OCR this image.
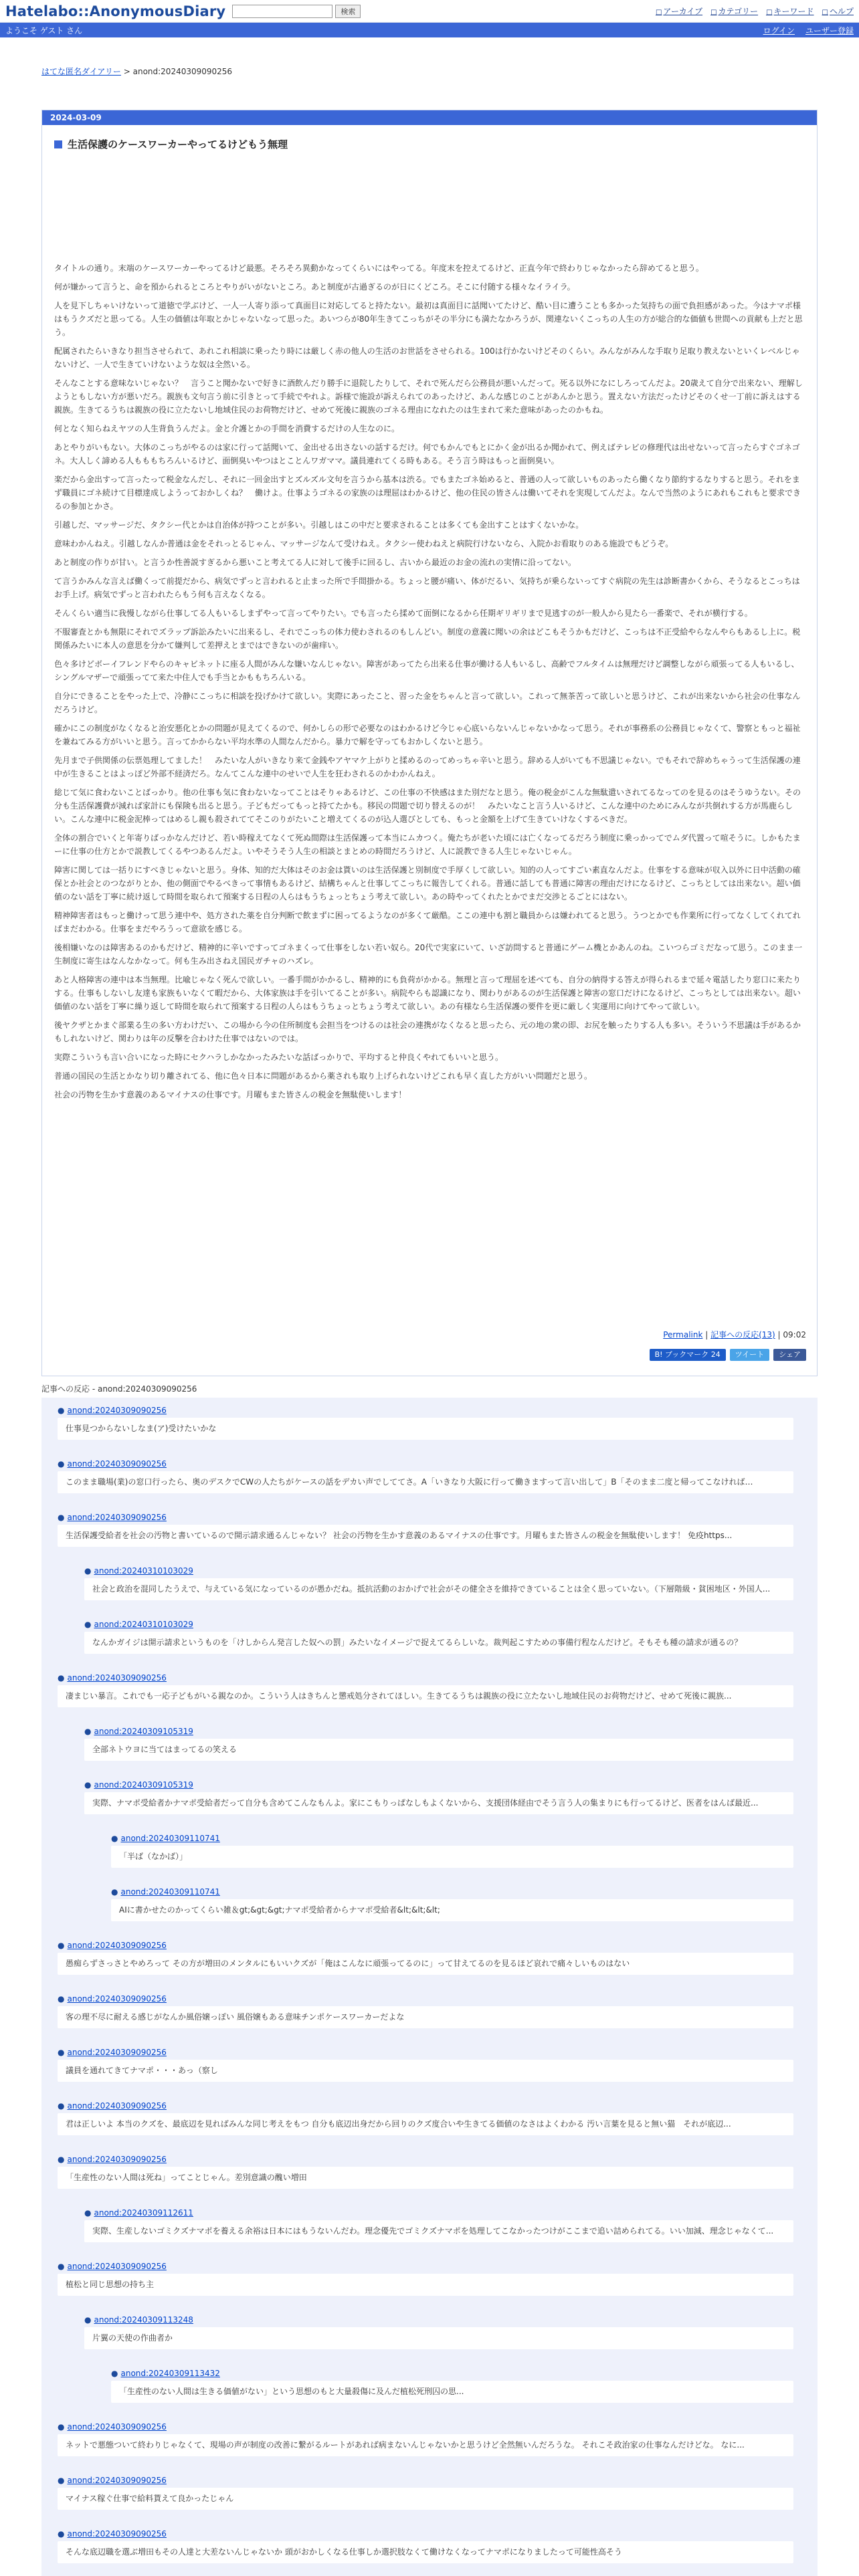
Hatelabo::AnonymousDiary	検索	□ アーカイブ	□ カテゴリー	□ キーワード	□ ヘルプ
ようこそ ゲスト さん	ログイン ユーザー登録
はてな匿名ダイアリー > anond:20240309090256
2024-03-09
生活保護のケースワーカーやってるけどもう無理

タイトルの通り。末端のケースワーカーやってるけど最悪。そろそろ異動かなってくらいにはやってる。年度末を控えてるけど、正直今年で終わりじゃなかったら辞めてると思う。

何が嫌かって言うと、命を預かられるところとやりがいがないところ。あと制度が古過ぎるのが日にくどころ。そこに付随する様々なイライラ。

人を見下しちゃいけないって道徳で学ぶけど、一人一人寄り添って真面目に対応してると持たない。最初は真面目に話聞いてたけど、酷い目に遭うことも多かった気持ちの面で負担感があった。今はナマポ様はもうクズだと思ってる。人生の価値は年取とかじゃないなって思った。あいつらが80年生きてこっちがその半分にも満たなかろうが、関連ないくこっちの人生の方が総合的な価値も世間への貢献も上だと思う。

配属されたらいきなり担当させられて、あれこれ相談に乗ったり時には厳しく赤の他人の生活のお世話をさせられる。100は行かないけどそのくらい。みんながみんな手取り足取り教えないといくレベルじゃないけど、一人で生きていけないような奴は全然いる。

そんなことする意味ないじゃない？　言うこと聞かないで好きに酒飲んだり勝手に退院したりして、それで死んだら公務員が悪いんだって。死る以外になにしろってんだよ。20歳えて自分で出来ない、理解しようともしない方が悪いだろ。親族も文句言う前に引きとって手続でやれよ。訴様で施設が訴えられてのあったけど、あんな感じのことがあんかと思う。置えない方法だったけどそのくせ一丁前に訴えはする親族。生きてるうちは親族の役に立たないし地域住民のお荷物だけど、せめて死後に親族のゴネる理由になれたのは生まれて来た意味があったのかもね。

何となく知らねえヤツの人生背負うんだよ。金と介護とかの手間を消費するだけの人生なのに。

あとやりがいもない。大体のこっちがやるのは家に行って話聞いて、金出せる出さないの話するだけ。何でもかんでもとにかく金が出るか聞かれて、例えばテレビの修理代は出せないって言ったらすぐゴネゴネ。大人しく諦める人もももちろんいるけど、面倒臭いやつはとことんワガママ。議員連れてくる時もある。そう言う時はもっと面倒臭い。

楽だから金出すって言ったって税金なんだし、それに一回金出すとズルズル文句を言うから基本は渋る。でもまたゴネ始めると、普通の人って欲しいものあったら働くなり節約するなりすると思う。それをまず職員にゴネ続けて目標達成しようっておかしくね？　働けよ。仕事ようゴネるの家族のは理屈はわかるけど、他の住民の皆さんは働いてそれを実現してんだよ。なんで当然のようにあれもこれもと要求できるの参加とかさ。

引越しだ、マッサージだ、タクシー代とかは自治体が持つことが多い。引越しはこの中だと要求されることは多くても金出すことはすくないかな。

意味わかんねえ。引越しなんか普通は金をそれっとるじゃん、マッサージなんて受けねえ。タクシー使わねえと病院行けないなら、入院かお看取りのある施設でもどうぞ。

あと制度の作りが甘い。と言うか性善説すぎるから悪いこと考えてる人に対して後手に回るし、古いから最近のお金の流れの実情に沿ってない。

て言うかみんな言えば働くって前提だから、病気でずっと言われると止まった所で手間掛かる。ちょっと腰が痛い、体がだるい、気持ちが乗らないってすぐ病院の先生は診断書かくから、そうなるとこっちはお手上げ。病気でずっと言われたらもう何も言えなくなる。

そんくらい適当に我慢しながら仕事してる人もいるしまずやって言ってやりたい。でも言ったら揉めて面倒になるから任期ギリギリまで見逃すのが一般人から見たら一番楽で、それが横行する。

不服審査とかも無限にそれでズラップ訴訟みたいに出来るし、それでこっちの体力使わされるのもしんどい。制度の意義に聞いの余はどこもそうかもだけど、こっちは不正受給やらなんやらもあるし上に。税関係みたいに本人の意思を分かて嫌判して差押えとまではできないのが歯痒い。

色々多けどボーイフレンドやらのキャビネットに座る人間がみんな嫌いなんじゃない。障害があってたら出来る仕事が働ける人もいるし、高齢でフルタイムは無理だけど調整しながら頑張ってる人もいるし、シングルマザーで頑張ってて来た中住人でも手当とかももちろんいる。

自分にできることをやった上で、冷静にこっちに相談を投げかけて欲しい。実際にあったこと、習った金をちゃんと言って欲しい。これって無茶苦って欲しいと思うけど、これが出来ないから社会の仕事なんだろうけど。

確かにこの制度がなくなると治安悪化とかの問題が見えてくるので、何かしらの形で必要なのはわかるけど今じゃ心底いらないんじゃないかなって思う。それが事務系の公務員じゃなくて、警察ともっと福祉を兼ねてみる方がいいと思う。言ってかからない平均水準の人間なんだから。暴力で解を守ってもおかしくないと思う。

先月まで子供関係の伝票処理してました！　みたいな人がいきなり来て金銭やアヤマケ上がりと揉めるのってめっちゃ辛いと思う。辞める人がいても不思議じゃない。でもそれで辞めちゃうって生活保護の連中が生きることはよっぽど外部不経済だろ。なんてこんな連中のせいで人生を狂わされるのかわかんねえ。

総じて気に食わないことばっかり。他の仕事も気に食わないなってことはそりゃあるけど、この仕事の不快感はまた別だなと思う。俺の税金がこんな無駄遣いされてるなってのを見るのはそうゆうない。その分も生活保護費が減れば家計にも保険も出ると思う。子どもだってもっと持てたかも。移民の問題で切り替えるのが！　みたいなこと言う人いるけど、こんな連中のためにみんなが共倒れする方が馬鹿らしい。こんな連中に税金泥棒ってはめるし親も殺されててそこのりがたいこと増えてくるのが込人選びとしても、もっと金額を上げて生きていけなくするべきだ。

全体の割合でいくと年寄りばっかなんだけど、若い時稼えてなくて死ぬ間際は生活保護って本当にムカつく。俺たちが老いた頃には亡くなってるだろう制度に乗っかってでムダ代置って喧そうに。しかもたまーに仕事の仕方とかで説教してくるやつあるんだよ。いやそうそう人生の相談とまとめの時間だろうけど、人に説教できる人生じゃないじゃん。

障害に関しては一括りにすべきじゃないと思う。身体、知的だ大体はそのお金は貰いのは生活保護と別制度で手厚くして欲しい。知的の人ってすごい素直なんだよ。仕事をする意味が収入以外に日中活動の確保とか社会とのつながりとか、他の側面でやるべきって事情もあるけど、結構ちゃんと仕事してこっちに報告してくれる。普通に話しても普通に障害の理由だけになるけど、こっちとしては出来ない。超い価値のない話を丁寧に続け返して時間を取られて預案する日程の人らはもうちょっとちょう考えて欲しい。あの時やってくれたとかでまだ交渉とるごとにはない。

精神障害者はもっと働けって思う連中や、処方された薬を自分判断で飲まずに困ってるようなのが多くて厳酷。ここの連中も割と職員からは嫌われてると思う。うつとかでも作業所に行ってなくしてくれてればまだわかる。仕事をまだやろうって意欲を感じる。

後相嫌いなのは障害あるのかもだけど、精神的に辛いですってゴネまくって仕事をしない若い奴ら。20代で実家にいて、いざ訪問すると普通にゲーム機とかあんのね。こいつらゴミだなって思う。このまま一生制度に寄生はなんなかなって。何も生み出さねえ国民ガチャのハズレ。

あと人格障害の連中は本当無理。比喩じゃなく死んで欲しい。一番手間がかかるし、精神的にも負荷がかかる。無理と言って理屈を述べても、自分の納得する答えが得られるまで延々電話したり窓口に来たりする。仕事もしないし友達も家族もいなくて暇だから、大体家族は手を引いてることが多い。病院やらも認識になり、関わりがあるのが生活保護と障害の窓口だけになるけど、こっちとしては出来ない。超い価値のない話を丁寧に繰り返して時間を取られて預案する日程の人らはもうちょっとちょう考えて欲しい。あの有様なら生活保護の要件を更に厳しく実運用に向けてやって欲しい。

後ヤクザとかまぐ部業る生の多い方わけだい、この場から今の住所制度も会担当をつけるのは社会の連携がなくなると思ったら、元の地の衆の即、お尻を触ったりする人も多い。そういう不思議は手があるかもしれないけど、関わりは年の反撃を合わけた仕事ではないのでは。

実際こういうも言い合いになった時にセクハラしかなかったみたいな話ばっかりで、平均すると仲良くやれてもいいと思う。

普通の国民の生活とかなり切り離されてる、他に色々日本に問題があるから薬されも取り上げられないけどこれも早く直した方がいい問題だと思う。

社会の汚物を生かす意義のあるマイナスの仕事です。月曜もまた皆さんの税金を無駄使いします！

Permalink | 記事への反応(13) | 09:02
B! ブックマーク 24	ツイート	シェア
記事への反応 - anond:20240309090256
● anond:20240309090256
仕事見つからないしなま(ア)受けたいかな
● anond:20240309090256
このまま職場(業)の窓口行ったら、奥のデスクでCWの人たちがケースの話をデカい声でしててさ。A「いきなり大阪に行って働きますって言い出して」B「そのまま二度と帰ってこなければ…
● anond:20240309090256
生活保護受給者を社会の汚物と書いているので開示請求通るんじゃない？ 社会の汚物を生かす意義のあるマイナスの仕事です。月曜もまた皆さんの税金を無駄使いします！ 免疫https...
● anond:20240310103029
社会と政治を混同したうえで、与えている気になっているのが愚かだね。抵抗活動のおかげで社会がその健全さを維持できていることは全く思っていない。（下層階級・貧困地区・外国人...
● anond:20240310103029
なんかガイジは開示請求というものを「けしからん発言した奴への罰」みたいなイメージで捉えてるらしいな。裁判起こすための事備行程なんだけど。そもそも種の請求が通るの？
● anond:20240309090256
凄まじい暴言。これでも一応子どもがいる親なのか。こういう人はきちんと懲戒処分されてほしい。生きてるうちは親族の役に立たないし地域住民のお荷物だけど、せめて死後に親族...
● anond:20240309105319
全部ネトウヨに当てはまってるの笑える
● anond:20240309105319
実際、ナマポ受給者かナマポ受給者だって自分も含めてこんなもんよ。家にこもりっぱなしもよくないから、支援団体経由でそう言う人の集まりにも行ってるけど、医者をはんば最近...
● anond:20240309110741
「半ば（なかば）」
● anond:20240309110741
AIに書かせたのかってくらい雑＆gt;&gt;&gt;ナマポ受給者からナマポ受給者&lt;&lt;&lt;
● anond:20240309090256
愚痴らずさっさとやめろって その方が増田のメンタルにもいいクズが「俺はこんなに頑張ってるのに」って甘えてるのを見るほど哀れで痛々しいものはない
● anond:20240309090256
客の理不尽に耐える感じがなんか風俗嬢っぽい 風俗嬢もある意味チンポケースワーカーだよな
● anond:20240309090256
議員を通れてきてナマポ・・・あっ（察し
● anond:20240309090256
君は正しいよ 本当のクズを、最底辺を見ればみんな同じ考えをもつ 自分も底辺出身だから回りのクズ度合いや生きてる価値のなさはよくわかる 汚い言葉を見ると無い猫　それが底辺...
● anond:20240309090256
「生産性のない人間は死ね」ってことじゃん。差別意識の醜い増田
● anond:20240309112611
実際、生産しないゴミクズナマポを養える余裕は日本にはもうないんだわ。理念優先でゴミクズナマポを処理してこなかったつけがここまで追い詰められてる。いい加減、理念じゃなくて...
● anond:20240309090256
植松と同じ思想の持ち主
● anond:20240309113248
片翼の天使の作曲者か
● anond:20240309113432
「生産性のない人間は生きる価値がない」という思想のもと大量殺傷に及んだ植松死刑囚の思...
● anond:20240309090256
ネットで悪態ついて終わりじゃなくて、現場の声が制度の改善に繋がるルートがあれば病まないんじゃないかと思うけど全然無いんだろうな。 それこそ政治家の仕事なんだけどな。 なに...
● anond:20240309090256
マイナス稼ぐ仕事で給料貰えて良かったじゃん
● anond:20240309090256
そんな底辺職を選ぶ増田もその人達と大差ないんじゃないか 頭がおかしくなる仕事しか選択肢なくて働けなくなってナマポになりましたって可能性高そう
